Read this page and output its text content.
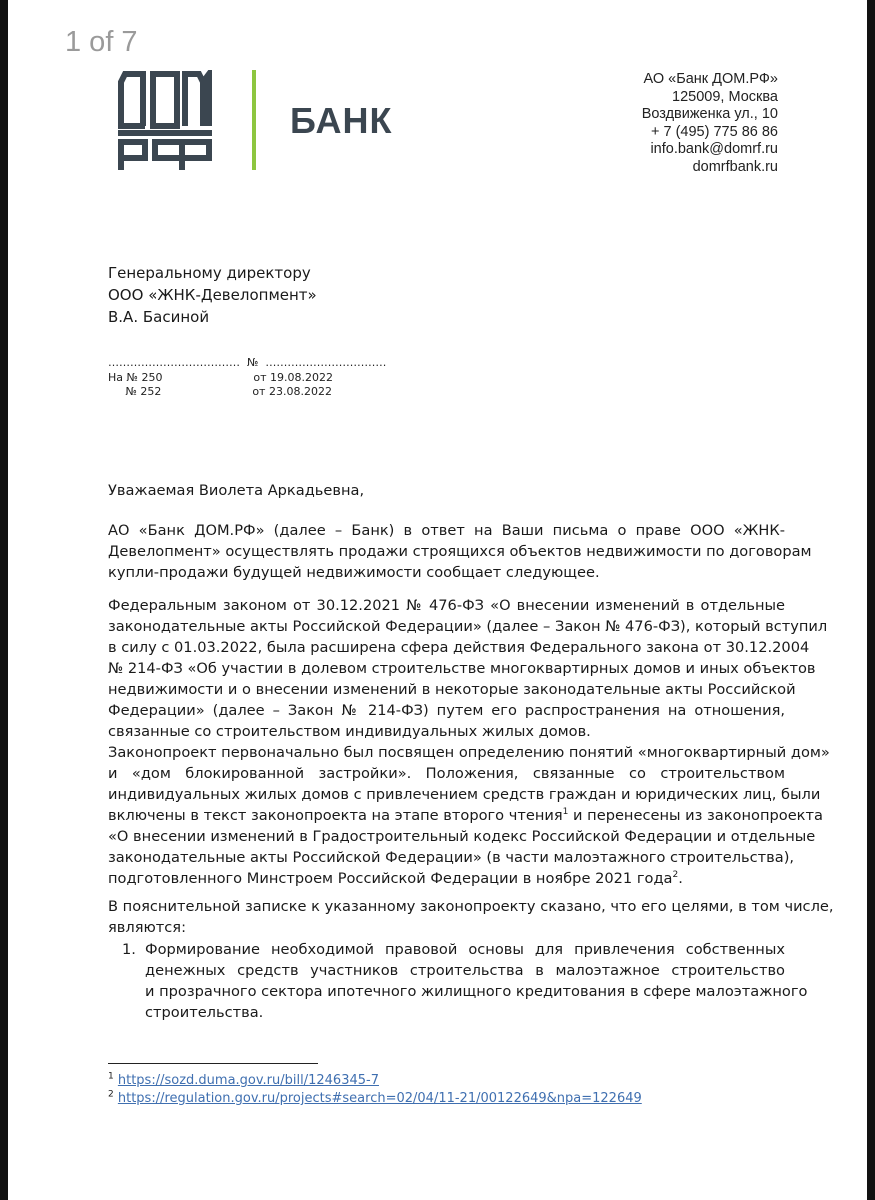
1 of 7
БАНК
АО «Банк ДОМ.РФ»
125009, Москва
Воздвиженка ул., 10
+ 7 (495) 775 86 86
info.bank@domrf.ru
domrfbank.ru
Генеральному директору
ООО «ЖНК-Девелопмент»
В.А. Басиной
………………………………  №  ……………………………
На № 250                          от 19.08.2022
№ 252                          от 23.08.2022
Уважаемая Виолета Аркадьевна,
АО «Банк ДОМ.РФ» (далее – Банк) в ответ на Ваши письма о праве ООО «ЖНК-
Девелопмент» осуществлять продажи строящихся объектов недвижимости по договорам
купли-продажи будущей недвижимости сообщает следующее.
Федеральным законом от 30.12.2021 № 476-ФЗ «О внесении изменений в отдельные
законодательные акты Российской Федерации» (далее – Закон № 476-ФЗ), который вступил
в силу с 01.03.2022, была расширена сфера действия Федерального закона от 30.12.2004
№ 214-ФЗ «Об участии в долевом строительстве многоквартирных домов и иных объектов
недвижимости и о внесении изменений в некоторые законодательные акты Российской
Федерации» (далее – Закон № 214-ФЗ) путем его распространения на отношения,
связанные со строительством индивидуальных жилых домов.
Законопроект первоначально был посвящен определению понятий «многоквартирный дом»
и «дом блокированной застройки». Положения, связанные со строительством
индивидуальных жилых домов с привлечением средств граждан и юридических лиц, были
включены в текст законопроекта на этапе второго чтения$^1$ и перенесены из законопроекта
«О внесении изменений в Градостроительный кодекс Российской Федерации и отдельные
законодательные акты Российской Федерации» (в части малоэтажного строительства),
подготовленного Минстроем Российской Федерации в ноябре 2021 года$^2$.
В пояснительной записке к указанному законопроекту сказано, что его целями, в том числе,
являются:
1. Формирование необходимой правовой основы для привлечения собственных
денежных средств участников строительства в малоэтажное строительство
и прозрачного сектора ипотечного жилищного кредитования в сфере малоэтажного
строительства.
$^1$ https://sozd.duma.gov.ru/bill/1246345-7
$^2$ https://regulation.gov.ru/projects#search=02/04/11-21/00122649&npa=122649
